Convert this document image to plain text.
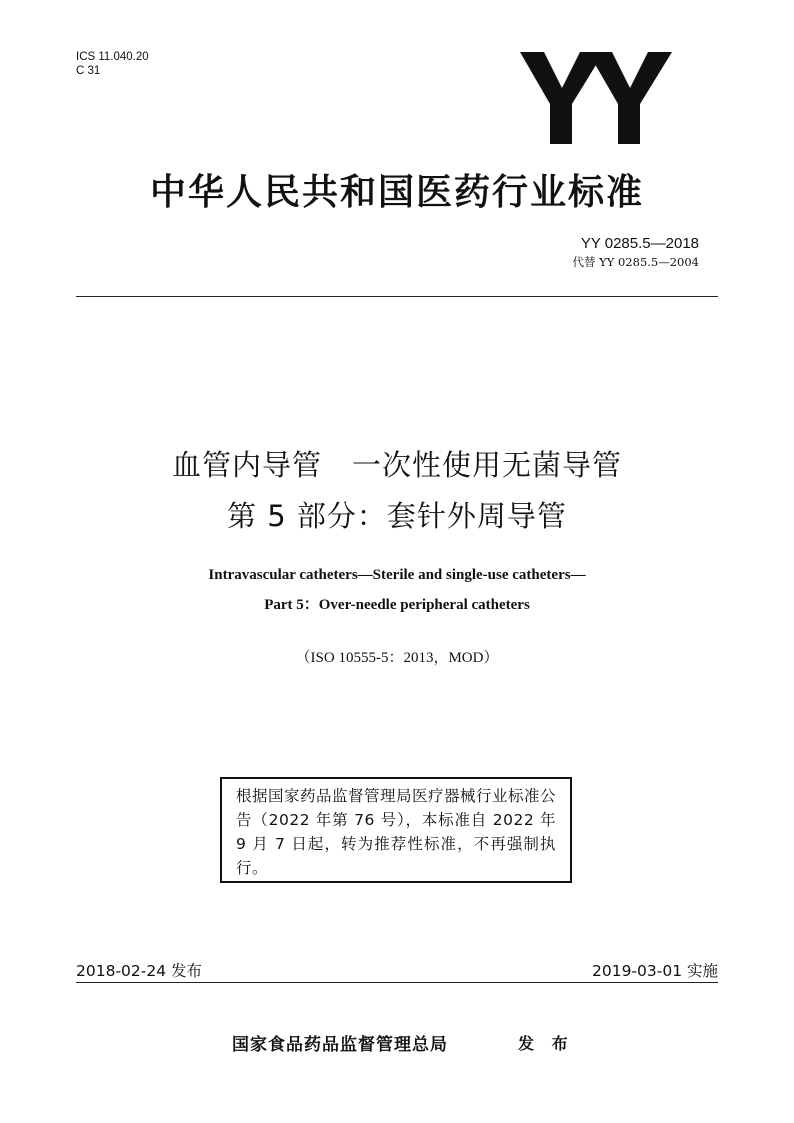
ICS 11.040.20
C 31
中华人民共和国医药行业标准
YY 0285.5—2018
代替 YY 0285.5—2004
血管内导管　一次性使用无菌导管
第 5 部分：套针外周导管
Intravascular catheters—Sterile and single-use catheters—
Part 5：Over-needle peripheral catheters
（ISO 10555-5：2013，MOD）
根据国家药品监督管理局医疗器械行业标准公告（2022 年第 76 号），本标准自 2022 年 9 月 7 日起，转为推荐性标准，不再强制执行。
2018-02-24 发布	2019-03-01 实施
国家食品药品监督管理总局	发 布
